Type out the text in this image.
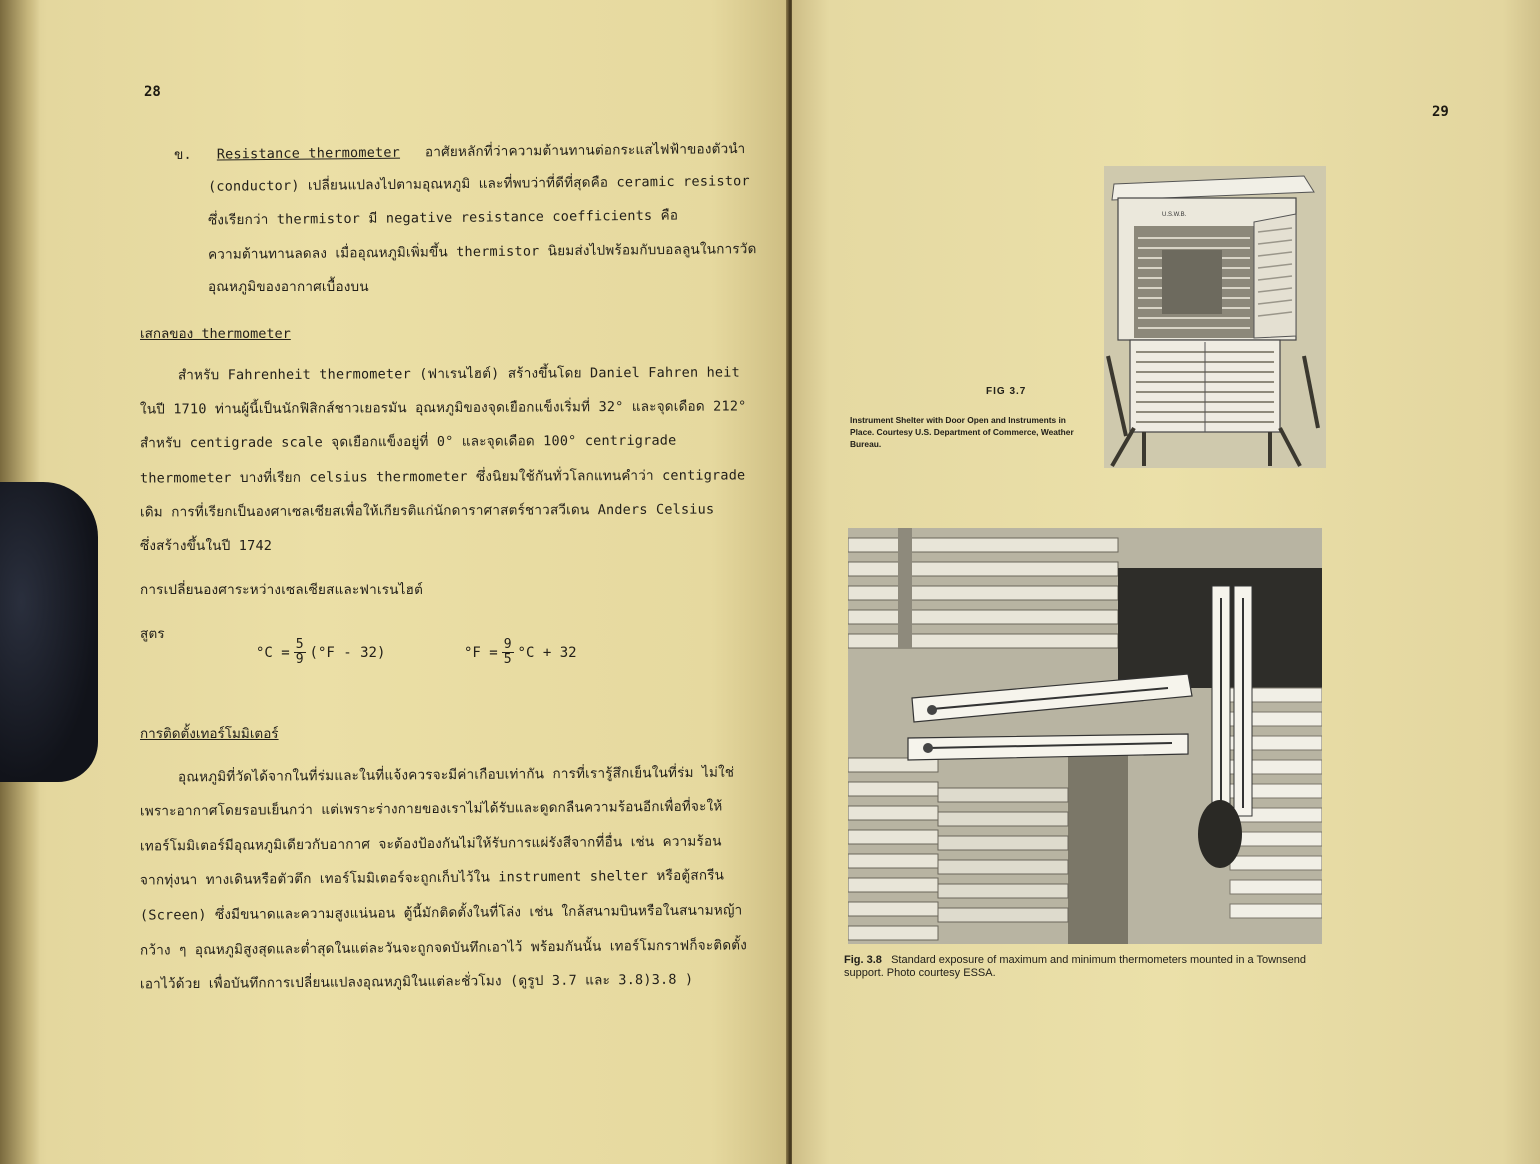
28
ข. Resistance thermometer อาศัยหลักที่ว่าความต้านทานต่อกระแสไฟฟ้าของตัวนำ
(conductor) เปลี่ยนแปลงไปตามอุณหภูมิ และที่พบว่าที่ดีที่สุดคือ ceramic resistor
ซึ่งเรียกว่า thermistor มี negative resistance coefficients คือ
ความต้านทานลดลง เมื่ออุณหภูมิเพิ่มขึ้น thermistor นิยมส่งไปพร้อมกับบอลลูนในการวัด
อุณหภูมิของอากาศเบื้องบน
เสกลของ thermometer
สำหรับ Fahrenheit thermometer (ฟาเรนไฮต์) สร้างขึ้นโดย Daniel Fahren heit
ในปี 1710 ท่านผู้นี้เป็นนักฟิสิกส์ชาวเยอรมัน อุณหภูมิของจุดเยือกแข็งเริ่มที่ 32° และจุดเดือด 212°
สำหรับ centigrade scale จุดเยือกแข็งอยู่ที่ 0° และจุดเดือด 100° centrigrade
thermometer บางที่เรียก celsius thermometer ซึ่งนิยมใช้กันทั่วโลกแทนคำว่า centigrade
เดิม การที่เรียกเป็นองศาเซลเซียสเพื่อให้เกียรติแก่นักดาราศาสตร์ชาวสวีเดน Anders Celsius
ซึ่งสร้างขึ้นในปี 1742
การเปลี่ยนองศาระหว่างเซลเซียสและฟาเรนไฮต์
สูตร
$^\circ C = \frac{5}{9} (^\circ F - 32)$	$^\circ F = \frac{9}{5} ^\circ C + 32$
การติดตั้งเทอร์โมมิเตอร์
อุณหภูมิที่วัดได้จากในที่ร่มและในที่แจ้งควรจะมีค่าเกือบเท่ากัน การที่เรารู้สึกเย็นในที่ร่ม ไม่ใช่
เพราะอากาศโดยรอบเย็นกว่า แต่เพราะร่างกายของเราไม่ได้รับและดูดกลืนความร้อนอีกเพื่อที่จะให้
เทอร์โมมิเตอร์มีอุณหภูมิเดียวกับอากาศ จะต้องป้องกันไม่ให้รับการแผ่รังสีจากที่อื่น เช่น ความร้อน
จากทุ่งนา ทางเดินหรือตัวตึก เทอร์โมมิเตอร์จะถูกเก็บไว้ใน instrument shelter หรือตู้สกรีน
(Screen) ซึ่งมีขนาดและความสูงแน่นอน ตู้นี้มักติดตั้งในที่โล่ง เช่น ใกล้สนามบินหรือในสนามหญ้า
กว้าง ๆ อุณหภูมิสูงสุดและต่ำสุดในแต่ละวันจะถูกจดบันทึกเอาไว้ พร้อมกันนั้น เทอร์โมกราฟก็จะติดตั้ง
เอาไว้ด้วย เพื่อบันทึกการเปลี่ยนแปลงอุณหภูมิในแต่ละชั่วโมง (ดูรูป 3.7 และ 3.8)3.8 )
29
U.S.W.B.
FIG 3.7
Instrument Shelter with Door Open and Instruments in Place. Courtesy U.S. Department of Commerce, Weather Bureau.
Fig. 3.8 Standard exposure of maximum and minimum thermometers mounted in a Townsend support. Photo courtesy ESSA.
